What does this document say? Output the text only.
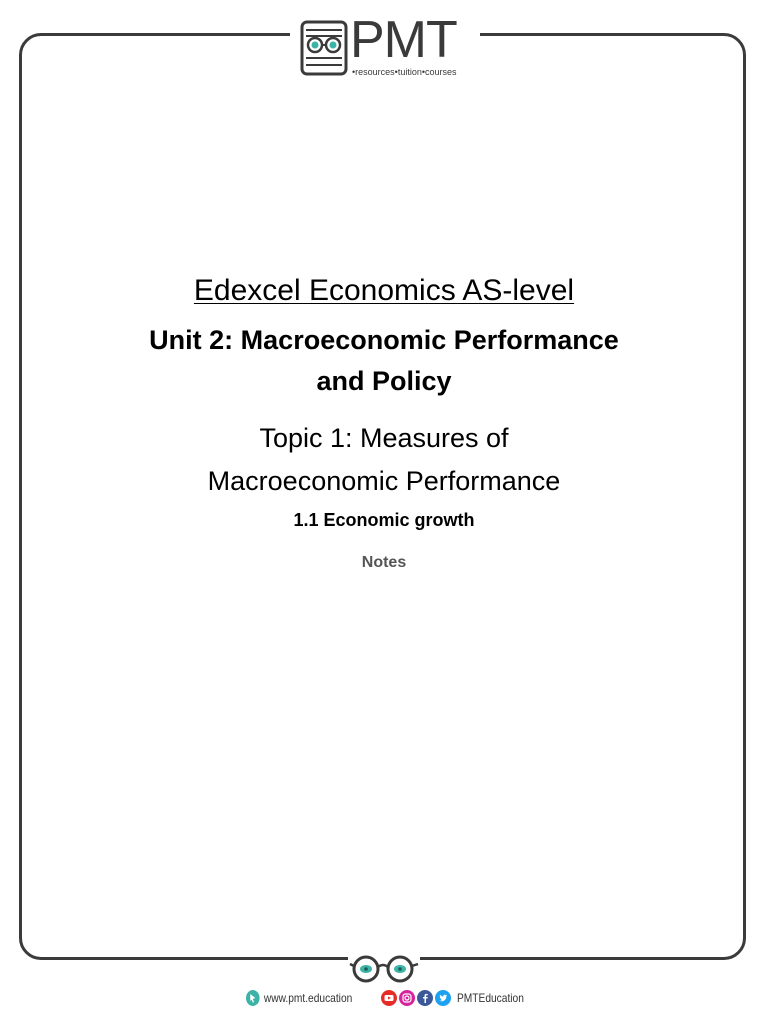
PMT
•resources•tuition•courses
Edexcel Economics AS-level
Unit 2: Macroeconomic Performance
and Policy
Topic 1: Measures of
Macroeconomic Performance
1.1 Economic growth
Notes
www.pmt.education	PMTEducation
